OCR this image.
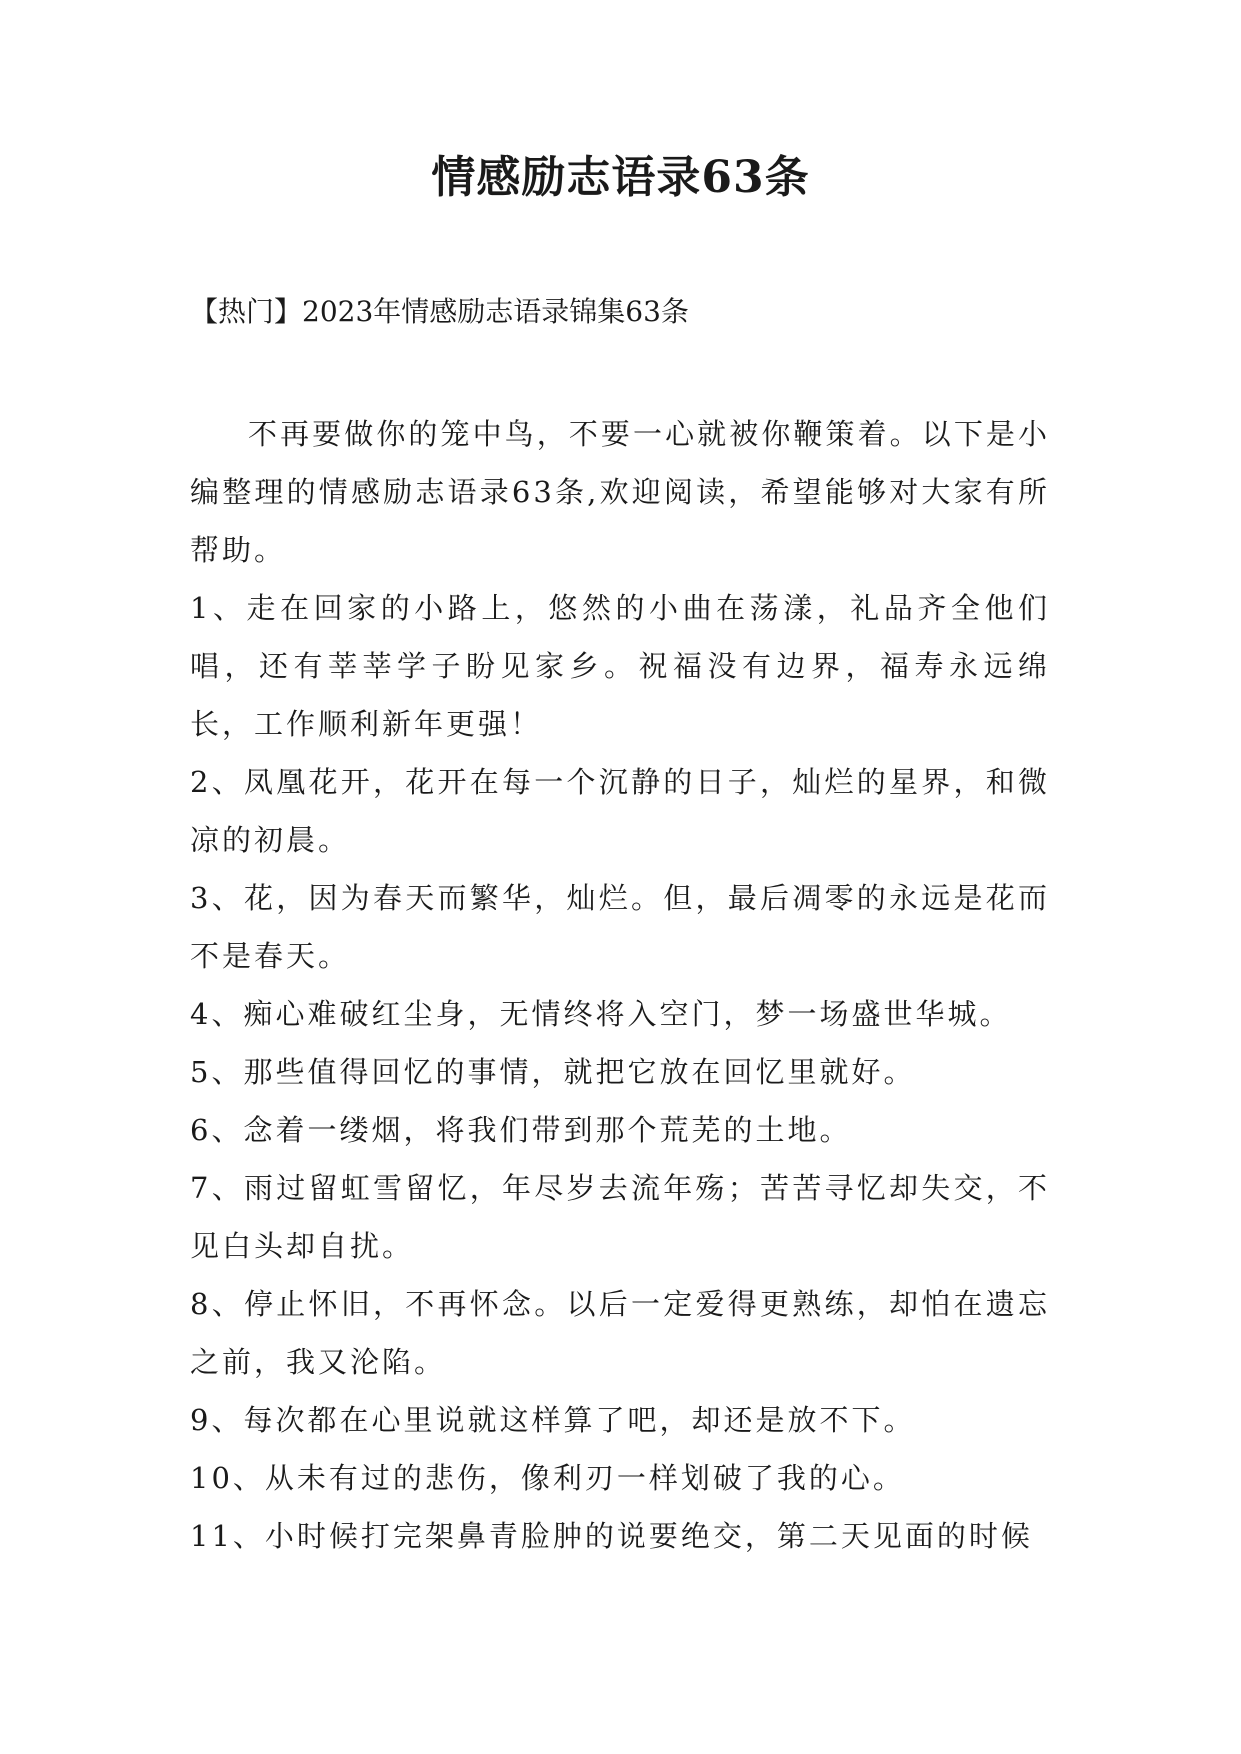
情感励志语录63条

【热门】2023年情感励志语录锦集63条

不再要做你的笼中鸟，不要一心就被你鞭策着。以下是小编整理的情感励志语录63条,欢迎阅读，希望能够对大家有所帮助。

1、走在回家的小路上，悠然的小曲在荡漾，礼品齐全他们唱，还有莘莘学子盼见家乡。祝福没有边界，福寿永远绵长，工作顺利新年更强！

2、凤凰花开，花开在每一个沉静的日子，灿烂的星界，和微凉的初晨。

3、花，因为春天而繁华，灿烂。但，最后凋零的永远是花而不是春天。

4、痴心难破红尘身，无情终将入空门，梦一场盛世华城。

5、那些值得回忆的事情，就把它放在回忆里就好。

6、念着一缕烟，将我们带到那个荒芜的土地。

7、雨过留虹雪留忆，年尽岁去流年殇；苦苦寻忆却失交，不见白头却自扰。

8、停止怀旧，不再怀念。以后一定爱得更熟练，却怕在遗忘之前，我又沦陷。

9、每次都在心里说就这样算了吧，却还是放不下。

10、从未有过的悲伤，像利刃一样划破了我的心。

11、小时候打完架鼻青脸肿的说要绝交，第二天见面的时候
